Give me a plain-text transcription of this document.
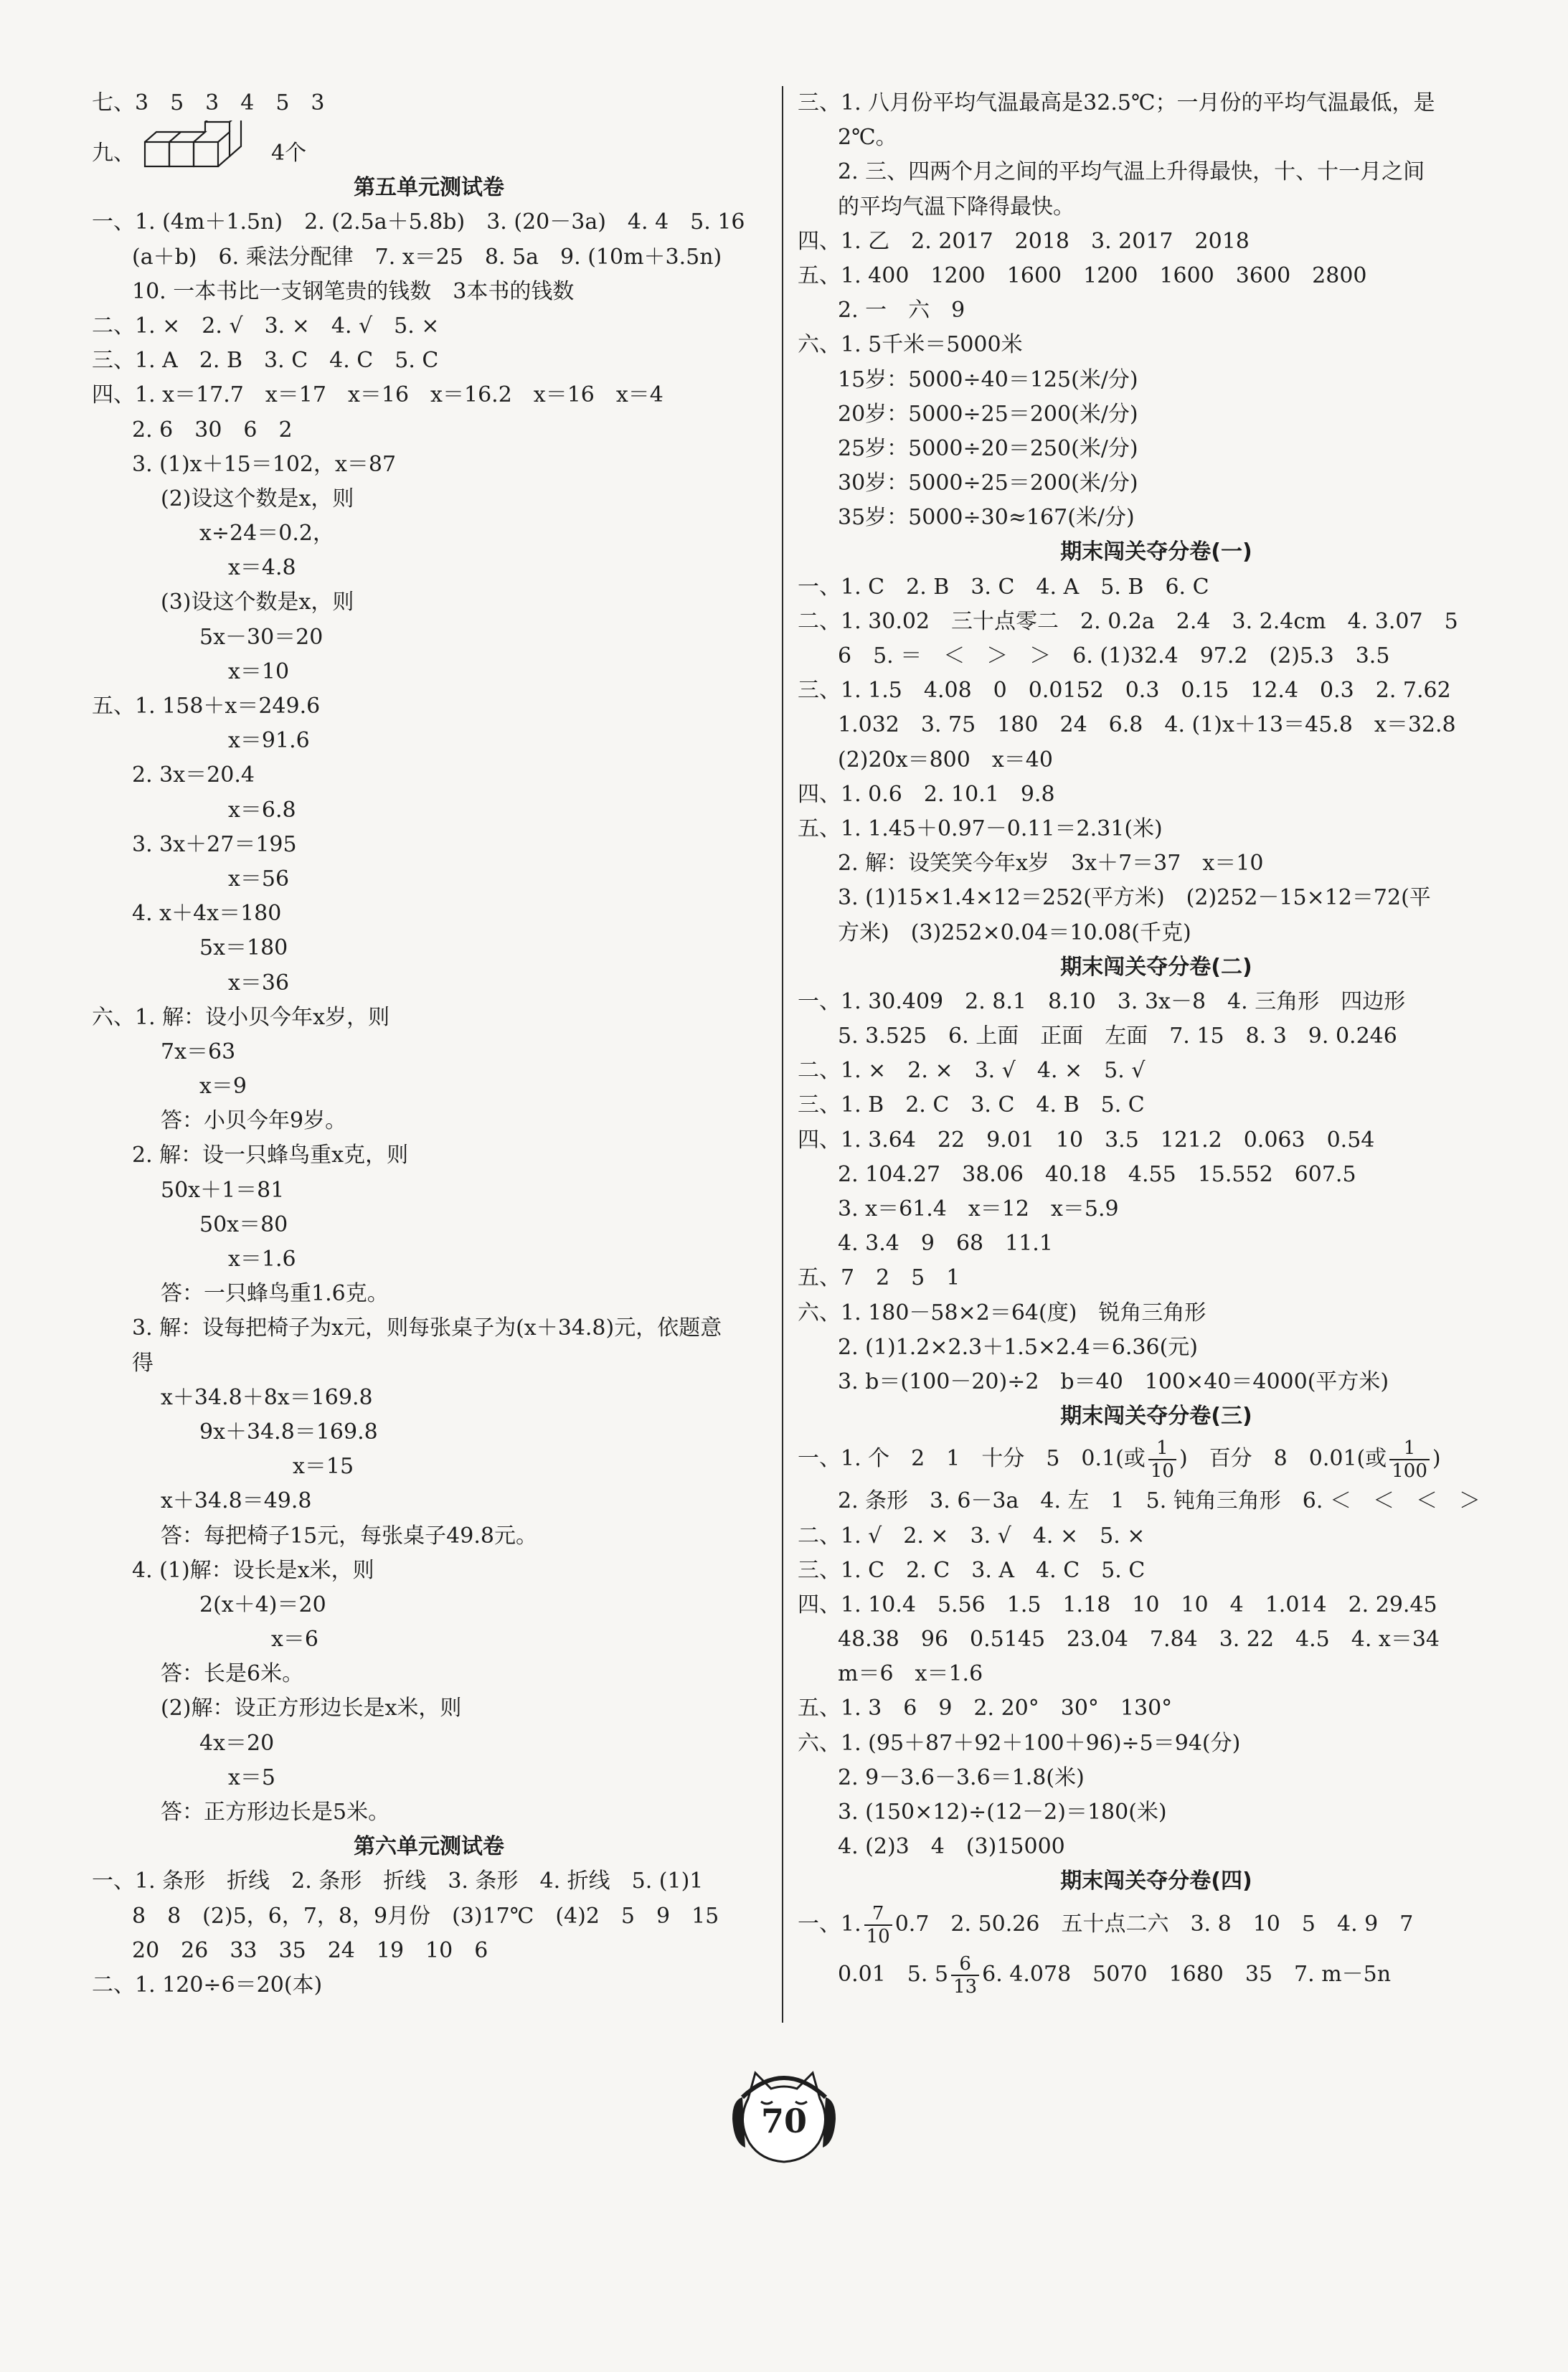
七、3　5　3　4　5　3
九、	4个
第五单元测试卷
一、1. (4m＋1.5n)　2. (2.5a＋5.8b)　3. (20－3a)　4. 4　5. 16
(a＋b)　6. 乘法分配律　7. x＝25　8. 5a　9. (10m＋3.5n)
10. 一本书比一支钢笔贵的钱数　3本书的钱数
二、1. ×　2. √　3. ×　4. √　5. ×
三、1. A　2. B　3. C　4. C　5. C
四、1. x＝17.7　x＝17　x＝16　x＝16.2　x＝16　x＝4
2. 6　30　6　2
3. (1)x＋15＝102，x＝87
(2)设这个数是x，则
x÷24＝0.2，
x＝4.8
(3)设这个数是x，则
5x－30＝20
x＝10
五、1. 158＋x＝249.6
x＝91.6
2. 3x＝20.4
x＝6.8
3. 3x＋27＝195
x＝56
4. x＋4x＝180
5x＝180
x＝36
六、1. 解：设小贝今年x岁，则
7x＝63
x＝9
答：小贝今年9岁。
2. 解：设一只蜂鸟重x克，则
50x＋1＝81
50x＝80
x＝1.6
答：一只蜂鸟重1.6克。
3. 解：设每把椅子为x元，则每张桌子为(x＋34.8)元，依题意
得
x＋34.8＋8x＝169.8
9x＋34.8＝169.8
x＝15
x＋34.8＝49.8
答：每把椅子15元，每张桌子49.8元。
4. (1)解：设长是x米，则
2(x＋4)＝20
x＝6
答：长是6米。
(2)解：设正方形边长是x米，则
4x＝20
x＝5
答：正方形边长是5米。
第六单元测试卷
一、1. 条形　折线　2. 条形　折线　3. 条形　4. 折线　5. (1)1
8　8　(2)5，6，7，8，9月份　(3)17℃　(4)2　5　9　15
20　26　33　35　24　19　10　6
二、1. 120÷6＝20(本)
三、1. 八月份平均气温最高是32.5℃；一月份的平均气温最低，是
2℃。
2. 三、四两个月之间的平均气温上升得最快，十、十一月之间
的平均气温下降得最快。
四、1. 乙　2. 2017　2018　3. 2017　2018
五、1. 400　1200　1600　1200　1600　3600　2800
2. 一　六　9
六、1. 5千米＝5000米
15岁：5000÷40＝125(米/分)
20岁：5000÷25＝200(米/分)
25岁：5000÷20＝250(米/分)
30岁：5000÷25＝200(米/分)
35岁：5000÷30≈167(米/分)
期末闯关夺分卷(一)
一、1. C　2. B　3. C　4. A　5. B　6. C
二、1. 30.02　三十点零二　2. 0.2a　2.4　3. 2.4cm　4. 3.07　5
6　5. ＝　＜　＞　＞　6. (1)32.4　97.2　(2)5.3　3.5
三、1. 1.5　4.08　0　0.0152　0.3　0.15　12.4　0.3　2. 7.62
1.032　3. 75　180　24　6.8　4. (1)x＋13＝45.8　x＝32.8
(2)20x＝800　x＝40
四、1. 0.6　2. 10.1　9.8
五、1. 1.45＋0.97－0.11＝2.31(米)
2. 解：设笑笑今年x岁　3x＋7＝37　x＝10
3. (1)15×1.4×12＝252(平方米)　(2)252－15×12＝72(平
方米)　(3)252×0.04＝10.08(千克)
期末闯关夺分卷(二)
一、1. 30.409　2. 8.1　8.10　3. 3x－8　4. 三角形　四边形
5. 3.525　6. 上面　正面　左面　7. 15　8. 3　9. 0.246
二、1. ×　2. ×　3. √　4. ×　5. √
三、1. B　2. C　3. C　4. B　5. C
四、1. 3.64　22　9.01　10　3.5　121.2　0.063　0.54
2. 104.27　38.06　40.18　4.55　15.552　607.5
3. x＝61.4　x＝12　x＝5.9
4. 3.4　9　68　11.1
五、7　2　5　1
六、1. 180－58×2＝64(度)　锐角三角形
2. (1)1.2×2.3＋1.5×2.4＝6.36(元)
3. b＝(100－20)÷2　b＝40　100×40＝4000(平方米)
期末闯关夺分卷(三)
一、1. 个　2　1　十分　5　0.1(或 $\frac{1}{10}$ )　百分　8　0.01(或 $\frac{1}{100}$ )
2. 条形　3. 6－3a　4. 左　1　5. 钝角三角形　6. ＜　＜　＜　＞
二、1. √　2. ×　3. √　4. ×　5. ×
三、1. C　2. C　3. A　4. C　5. C
四、1. 10.4　5.56　1.5　1.18　10　10　4　1.014　2. 29.45
48.38　96　0.5145　23.04　7.84　3. 22　4.5　4. x＝34
m＝6　x＝1.6
五、1. 3　6　9　2. 20°　30°　130°
六、1. (95＋87＋92＋100＋96)÷5＝94(分)
2. 9－3.6－3.6＝1.8(米)
3. (150×12)÷(12－2)＝180(米)
4. (2)3　4　(3)15000
期末闯关夺分卷(四)
一、1. $\frac{7}{10} 0.7$　2. 50.26　五十点二六　3. 8　10　5　4. 9　7
0.01　5. $5 \frac{6}{13} 6$. 4.078　5070　1680　35　7. m－5n
70
